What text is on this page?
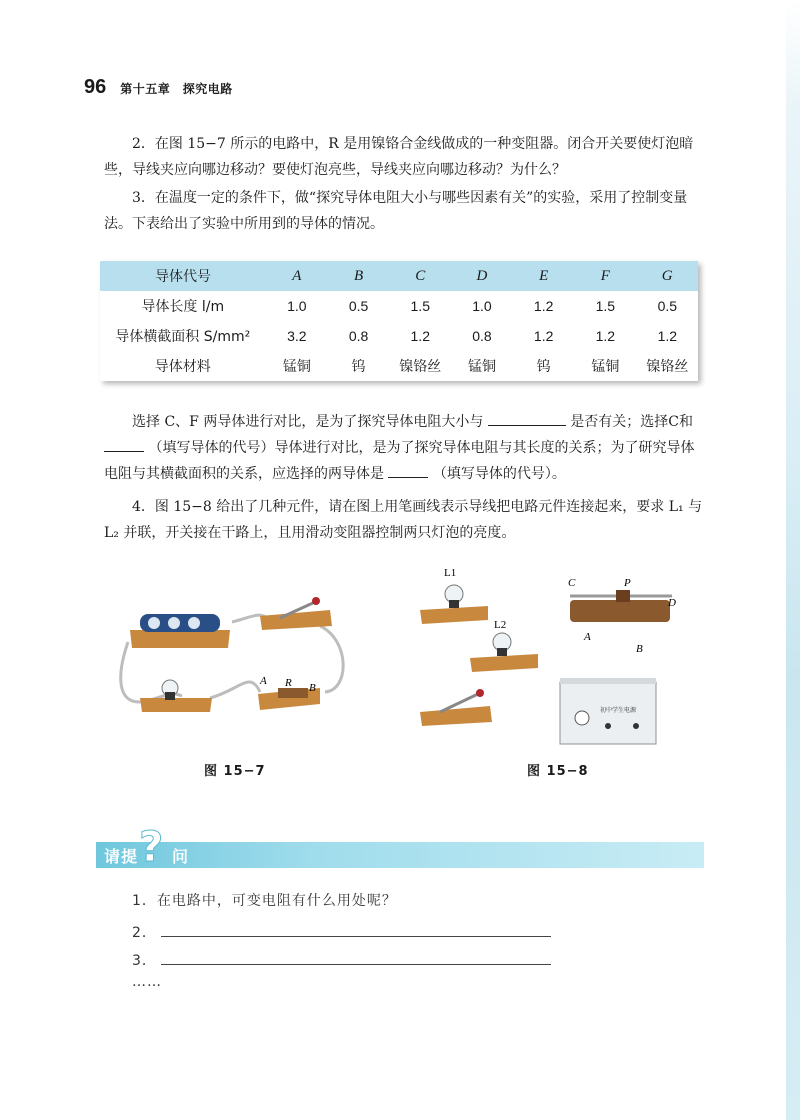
96 第十五章　探究电路

2．在图 15−7 所示的电路中，R 是用镍铬合金线做成的一种变阻器。闭合开关要使灯泡暗些，导线夹应向哪边移动？要使灯泡亮些，导线夹应向哪边移动？为什么？

3．在温度一定的条件下，做“探究导体电阻大小与哪些因素有关”的实验，采用了控制变量法。下表给出了实验中所用到的导体的情况。

导体代号	A	B	C	D	E	F	G
导体长度 l/m	1.0	0.5	1.5	1.0	1.2	1.5	0.5
导体横截面积 S/mm²	3.2	0.8	1.2	0.8	1.2	1.2	1.2
导体材料	锰铜	钨	镍铬丝	锰铜	钨	锰铜	镍铬丝

选择 C、F 两导体进行对比，是为了探究导体电阻大小与	是否有关；选择C和  （填写导体的代号）导体进行对比，是为了探究导体电阻与其长度的关系；为了研究导体电阻与其横截面积的关系，应选择的两导体是	（填写导体的代号）。

4．图 15−8 给出了几种元件，请在图上用笔画线表示导线把电路元件连接起来，要求 L₁ 与 L₂ 并联，开关接在干路上，且用滑动变阻器控制两只灯泡的亮度。

A R B
图 15−7
L1
L2
C	P
D
A
B
初中学生电源
图 15−8
请提 ? 问
1．在电路中，可变电阻有什么用处呢？
2．
3．
……
